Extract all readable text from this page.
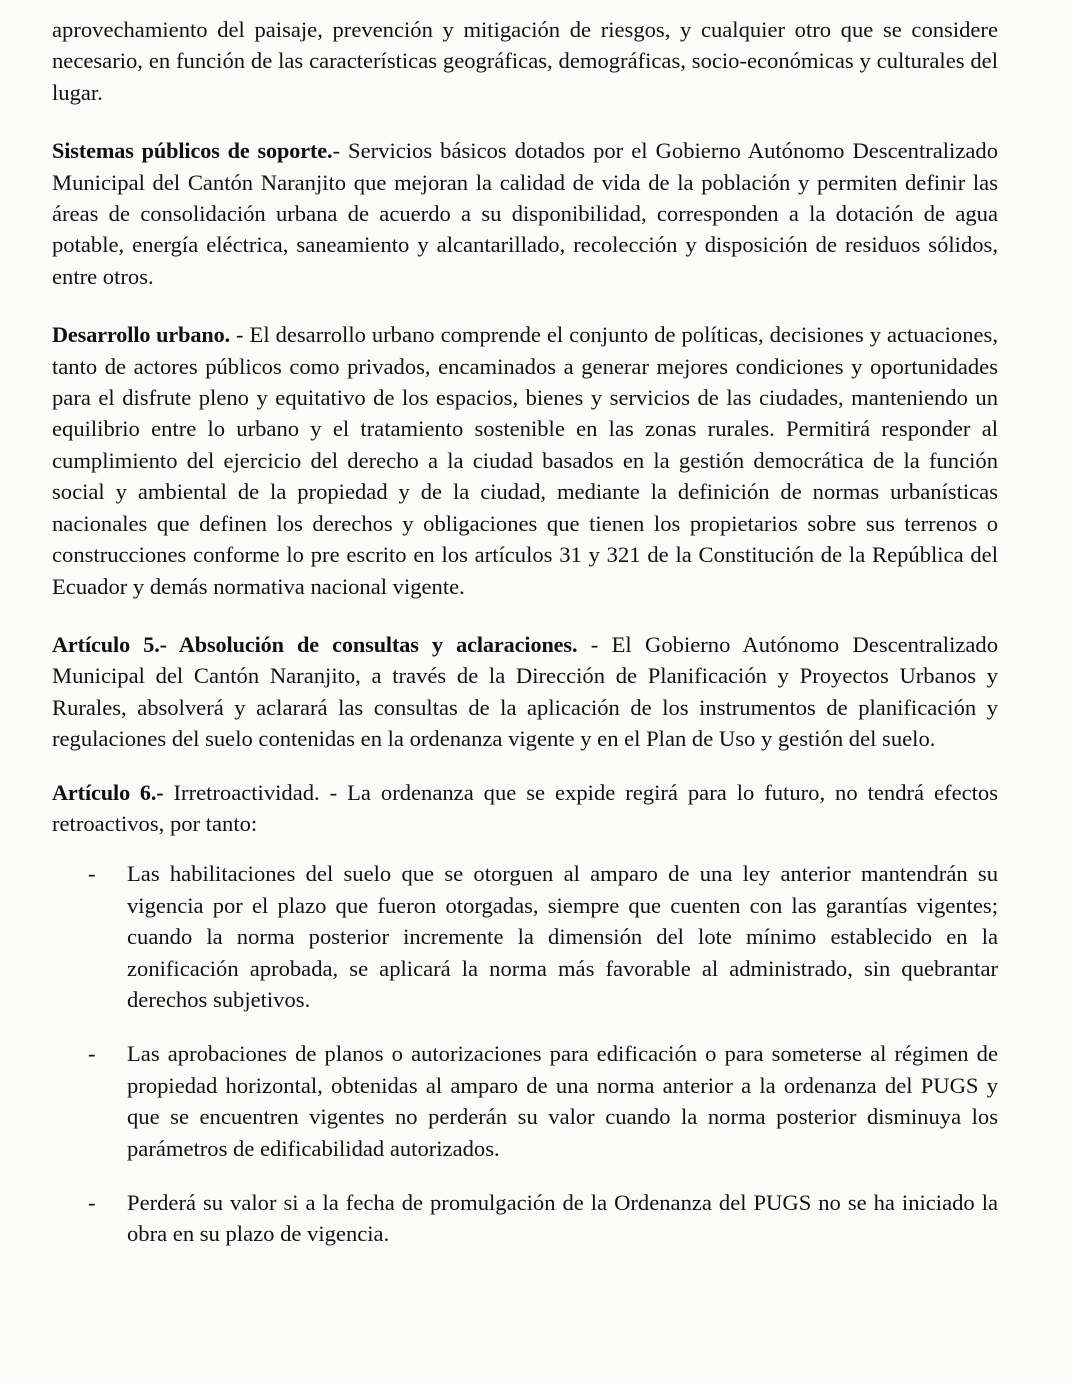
aprovechamiento del paisaje, prevención y mitigación de riesgos, y cualquier otro que se considere necesario, en función de las características geográficas, demográficas, socio-económicas y culturales del lugar.

Sistemas públicos de soporte.- Servicios básicos dotados por el Gobierno Autónomo Descentralizado Municipal del Cantón Naranjito que mejoran la calidad de vida de la población y permiten definir las áreas de consolidación urbana de acuerdo a su disponibilidad, corresponden a la dotación de agua potable, energía eléctrica, saneamiento y alcantarillado, recolección y disposición de residuos sólidos, entre otros.

Desarrollo urbano. - El desarrollo urbano comprende el conjunto de políticas, decisiones y actuaciones, tanto de actores públicos como privados, encaminados a generar mejores condiciones y oportunidades para el disfrute pleno y equitativo de los espacios, bienes y servicios de las ciudades, manteniendo un equilibrio entre lo urbano y el tratamiento sostenible en las zonas rurales. Permitirá responder al cumplimiento del ejercicio del derecho a la ciudad basados en la gestión democrática de la función social y ambiental de la propiedad y de la ciudad, mediante la definición de normas urbanísticas nacionales que definen los derechos y obligaciones que tienen los propietarios sobre sus terrenos o construcciones conforme lo pre escrito en los artículos 31 y 321 de la Constitución de la República del Ecuador y demás normativa nacional vigente.

Artículo 5.- Absolución de consultas y aclaraciones. - El Gobierno Autónomo Descentralizado Municipal del Cantón Naranjito, a través de la Dirección de Planificación y Proyectos Urbanos y Rurales, absolverá y aclarará las consultas de la aplicación de los instrumentos de planificación y regulaciones del suelo contenidas en la ordenanza vigente y en el Plan de Uso y gestión del suelo.

Artículo 6.- Irretroactividad. - La ordenanza que se expide regirá para lo futuro, no tendrá efectos retroactivos, por tanto:

- Las habilitaciones del suelo que se otorguen al amparo de una ley anterior mantendrán su vigencia por el plazo que fueron otorgadas, siempre que cuenten con las garantías vigentes; cuando la norma posterior incremente la dimensión del lote mínimo establecido en la zonificación aprobada, se aplicará la norma más favorable al administrado, sin quebrantar derechos subjetivos.
- Las aprobaciones de planos o autorizaciones para edificación o para someterse al régimen de propiedad horizontal, obtenidas al amparo de una norma anterior a la ordenanza del PUGS y que se encuentren vigentes no perderán su valor cuando la norma posterior disminuya los parámetros de edificabilidad autorizados.
- Perderá su valor si a la fecha de promulgación de la Ordenanza del PUGS no se ha iniciado la obra en su plazo de vigencia.
